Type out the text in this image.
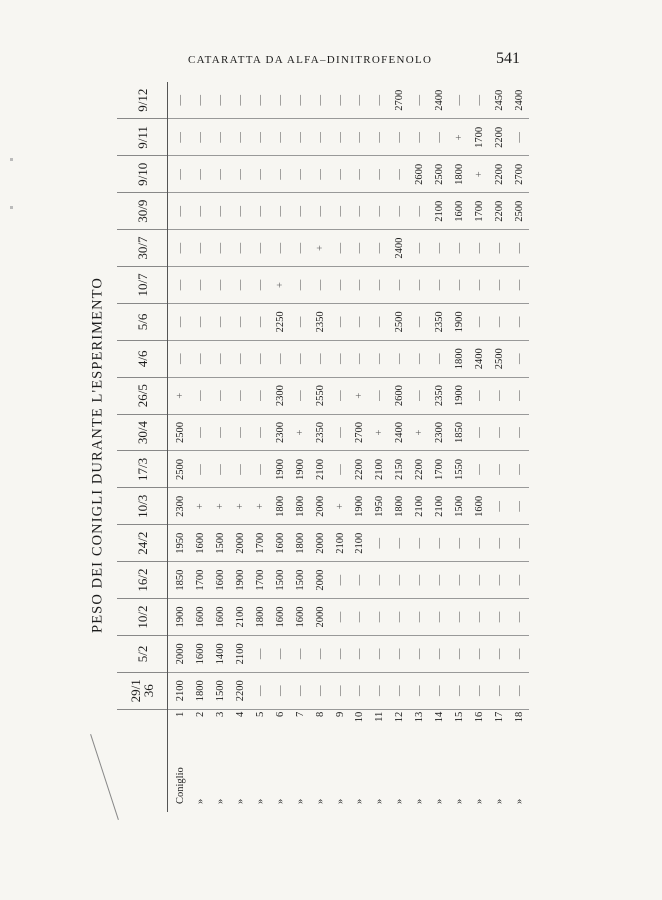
CATARATTA DA ALFA–DINITROFENOLO	541
PESO DEI CONIGLI DURANTE L'ESPERIMENTO

		29/1
36	5/2	10/2	16/2	24/2	10/3	17/3	30/4	26/5	4/6	5/6	10/7	30/7	30/9	9/10	9/11	9/12

Coniglio	1	2100	2000	1900	1850	1950	2300	2500	2500	+	—	—	—	—	—	—	—	—
»	2	1800	1600	1600	1700	1600	+	—	—	—	—	—	—	—	—	—	—	—
»	3	1500	1400	1600	1600	1500	+	—	—	—	—	—	—	—	—	—	—	—
»	4	2200	2100	2100	1900	2000	+	—	—	—	—	—	—	—	—	—	—	—
»	5	—	—	1800	1700	1700	+	—	—	—	—	—	—	—	—	—	—	—
»	6	—	—	1600	1500	1600	1800	1900	2300	2300	—	2250	+	—	—	—	—	—
»	7	—	—	1600	1500	1800	1800	1900	+	—	—	—	—	—	—	—	—	—
»	8	—	—	2000	2000	2000	2000	2100	2350	2550	—	2350	—	+	—	—	—	—
»	9	—	—	—	—	2100	+	—	—	—	—	—	—	—	—	—	—	—
»	10	—	—	—	—	2100	1900	2200	2700	+	—	—	—	—	—	—	—	—
»	11	—	—	—	—	—	1950	2100	+	—	—	—	—	—	—	—	—	—
»	12	—	—	—	—	—	1800	2150	2400	2600	—	2500	—	2400	—	—	—	2700
»	13	—	—	—	—	—	2100	2200	+	—	—	—	—	—	—	2600	—	—
»	14	—	—	—	—	—	2100	1700	2300	2350	—	2350	—	—	2100	2500	—	2400
»	15	—	—	—	—	—	1500	1550	1850	1900	1800	1900	—	—	1600	1800	+	—
»	16	—	—	—	—	—	1600	—	—	—	2400	—	—	—	1700	+	1700	—
»	17	—	—	—	—	—	—	—	—	—	2500	—	—	—	2200	2200	2200	2450
»	18	—	—	—	—	—	—	—	—	—	—	—	—	—	2500	2700	—	2400
